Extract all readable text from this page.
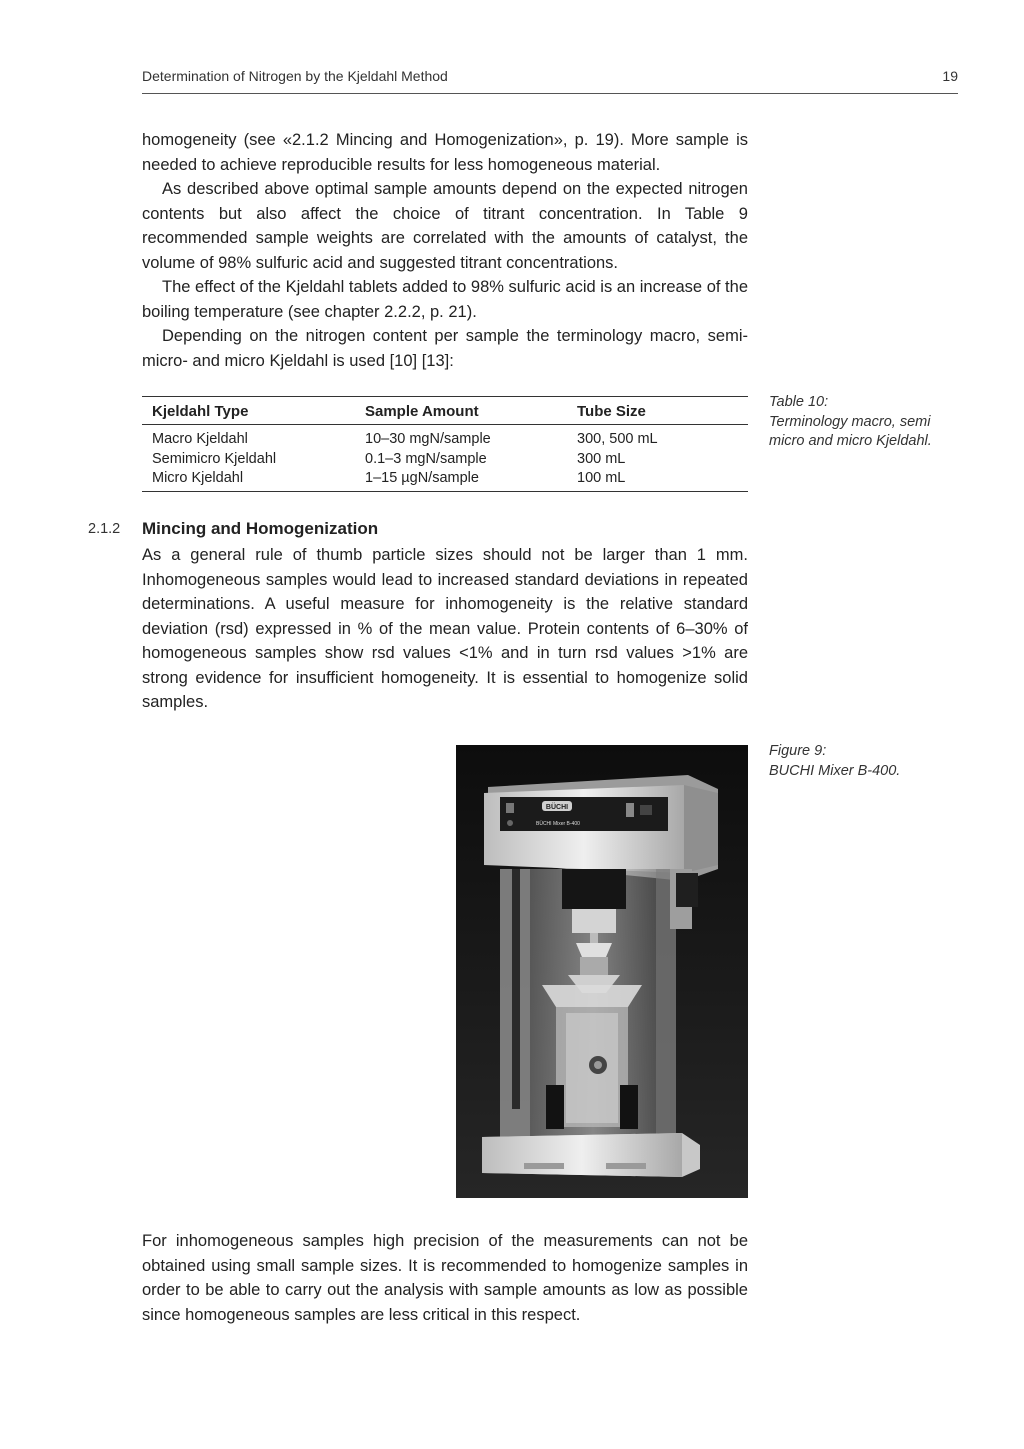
Determination of Nitrogen by the Kjeldahl Method	19

homogeneity (see «2.1.2 Mincing and Homogenization», p. 19). More sample is needed to achieve reproducible results for less homogeneous material.

As described above optimal sample amounts depend on the expected nitrogen contents but also affect the choice of titrant concentration. In Table 9 recommended sample weights are correlated with the amounts of catalyst, the volume of 98% sulfuric acid and suggested titrant concentrations.

The effect of the Kjeldahl tablets added to 98% sulfuric acid is an increase of the boiling temperature (see chapter 2.2.2, p. 21).

Depending on the nitrogen content per sample the terminology macro, semi-micro- and micro Kjeldahl is used [10] [13]:

Kjeldahl Type	Sample Amount	Tube Size
Macro Kjeldahl	10–30 mgN/sample	300, 500 mL
Semimicro Kjeldahl	0.1–3 mgN/sample	300 mL
Micro Kjeldahl	1–15 µgN/sample	100 mL
Table 10:
Terminology macro, semi micro and micro Kjeldahl.
2.1.2 Mincing and Homogenization

As a general rule of thumb particle sizes should not be larger than 1 mm. Inhomogeneous samples would lead to increased standard deviations in repeated determinations. A useful measure for inhomogeneity is the relative standard deviation (rsd) expressed in % of the mean value. Protein contents of 6–30% of homogeneous samples show rsd values <1% and in turn rsd values >1% are strong evidence for insufficient homogeneity. It is essential to homogenize solid samples.

BÜCHI
BÜCHI Mixer B-400
Figure 9:
BUCHI Mixer B-400.

For inhomogeneous samples high precision of the measurements can not be obtained using small sample sizes. It is recommended to homogenize samples in order to be able to carry out the analysis with sample amounts as low as possible since homogeneous samples are less critical in this respect.
